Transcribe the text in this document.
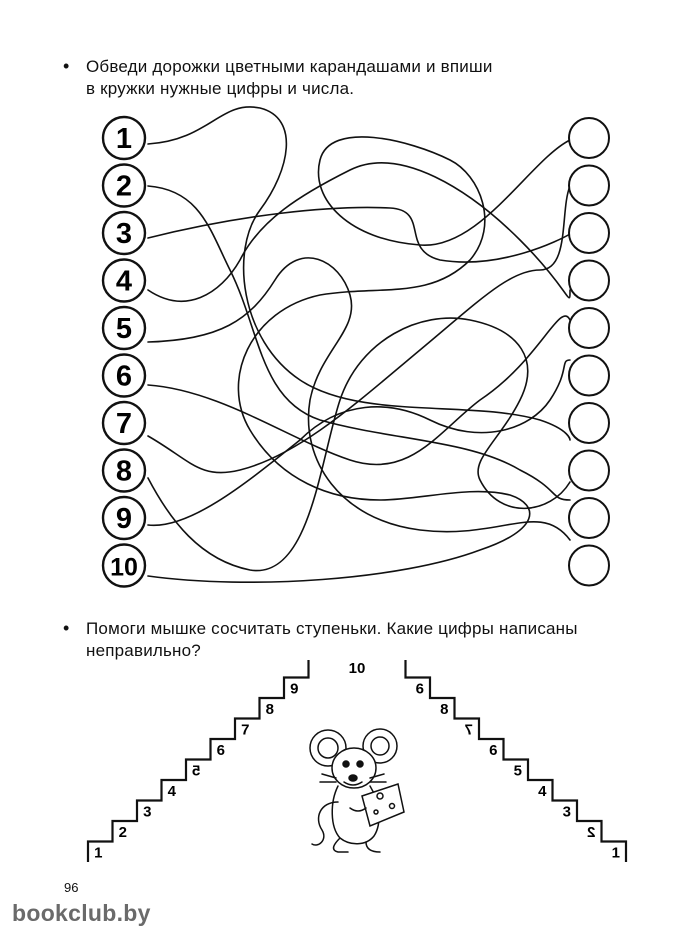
• Обведи дорожки цветными карандашами и впиши
в кружки нужные цифры и числа.
1
2
3
4
5
6
7
8
9
10
• Помоги мышке сосчитать ступеньки. Какие цифры написаны
неправильно?
1
2
3
4
5
6
7
8
9
1
2
3
4
5
6
7
8
6
10
96
bookclub.by
